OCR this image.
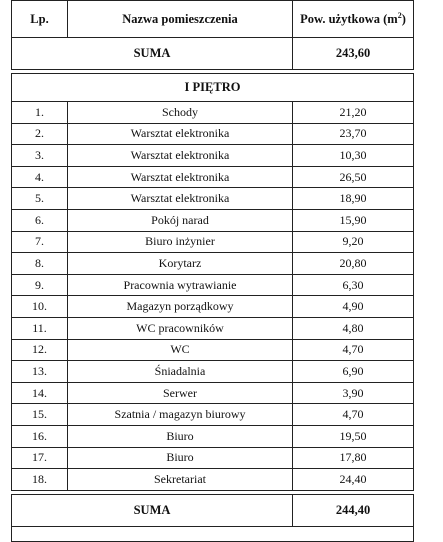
Lp.	Nazwa pomieszczenia	Pow. użytkowa $(m^2)$
SUMA		243,60

I PIĘTRO		
1.	Schody	21,20
2.	Warsztat elektronika	23,70
3.	Warsztat elektronika	10,30
4.	Warsztat elektronika	26,50
5.	Warsztat elektronika	18,90
6.	Pokój narad	15,90
7.	Biuro inżynier	9,20
8.	Korytarz	20,80
9.	Pracownia wytrawianie	6,30
10.	Magazyn porządkowy	4,90
11.	WC pracowników	4,80
12.	WC	4,70
13.	Śniadalnia	6,90
14.	Serwer	3,90
15.	Szatnia / magazyn biurowy	4,70
16.	Biuro	19,50
17.	Biuro	17,80
18.	Sekretariat	24,40

SUMA		244,40
